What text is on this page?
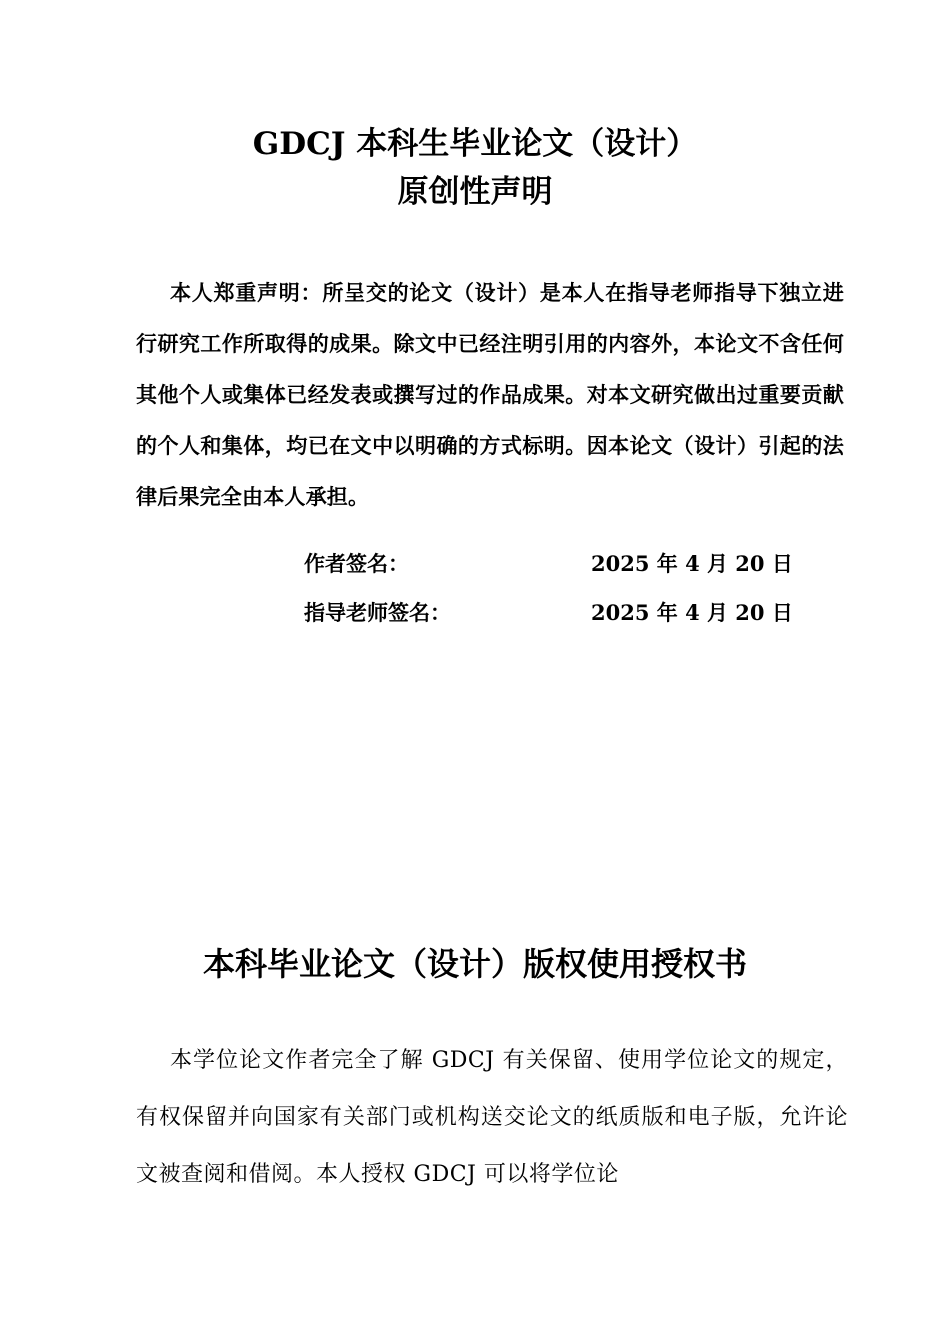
GDCJ 本科生毕业论文（设计）
原创性声明
本人郑重声明：所呈交的论文（设计）是本人在指导老师指导下独立进行研究工作所取得的成果。除文中已经注明引用的内容外，本论文不含任何其他个人或集体已经发表或撰写过的作品成果。对本文研究做出过重要贡献的个人和集体，均已在文中以明确的方式标明。因本论文（设计）引起的法律后果完全由本人承担。
作者签名：	2025 年 4 月 20 日
指导老师签名：	2025 年 4 月 20 日
本科毕业论文（设计）版权使用授权书
本学位论文作者完全了解 GDCJ 有关保留、使用学位论文的规定，有权保留并向国家有关部门或机构送交论文的纸质版和电子版，允许论文被查阅和借阅。本人授权 GDCJ 可以将学位论
